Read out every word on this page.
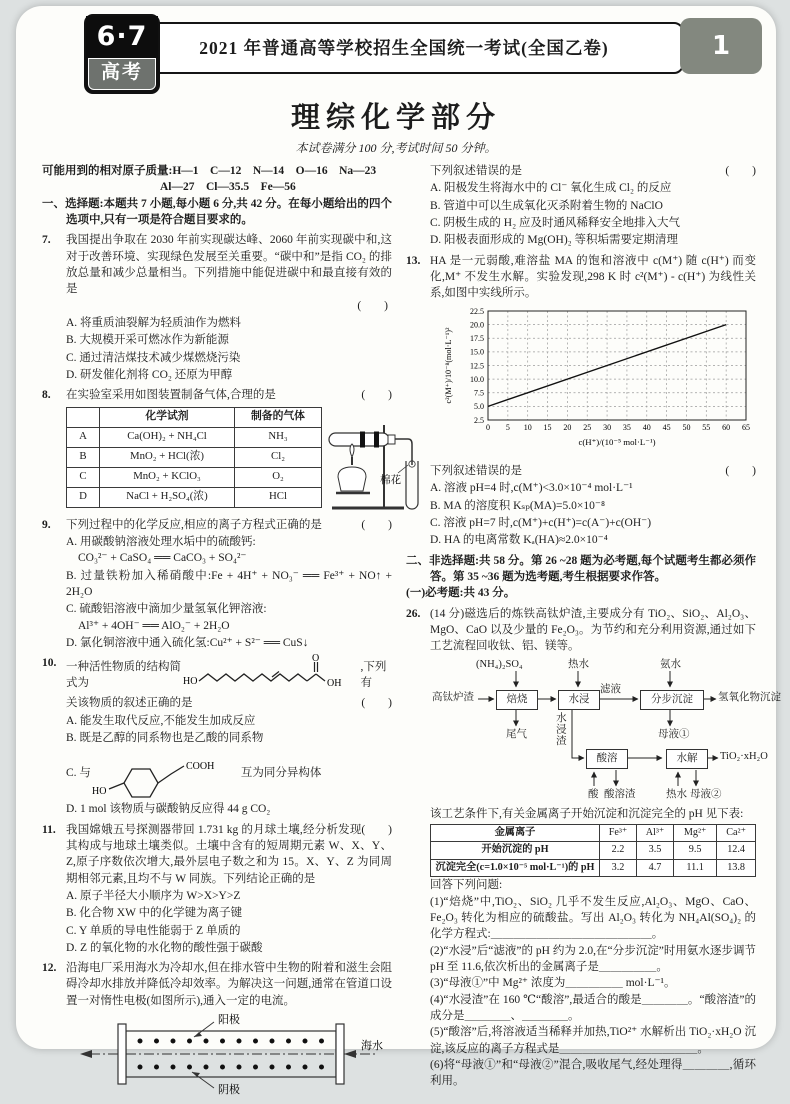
2021 年普通高等学校招生全国统一考试(全国乙卷)
6·7
高考
1
理综化学部分
本试卷满分 100 分,考试时间 50 分钟。

可能用到的相对原子质量:H—1　C—12　N—14　O—16　Na—23

Al—27　Cl—35.5　Fe—56

一、选择题:本题共 7 小题,每小题 6 分,共 42 分。在每小题给出的四个选项中,只有一项是符合题目要求的。

7.	我国提出争取在 2030 年前实现碳达峰、2060 年前实现碳中和,这对于改善环境、实现绿色发展至关重要。“碳中和”是指 CO₂ 的排放总量和减少总量相当。下列措施中能促进碳中和最直接有效的是

(　　)

A. 将重质油裂解为轻质油作为燃料

B. 大规模开采可燃冰作为新能源

C. 通过清洁煤技术减少煤燃烧污染

D. 研发催化剂将 CO₂ 还原为甲醇

8.	在实验室采用如图装置制备气体,合理的是	(　　)
	化学试剂	制备的气体
A	Ca(OH)₂ + NH₄Cl	NH₃
B	MnO₂ + HCl(浓)	Cl₂
C	MnO₂ + KClO₃	O₂
D	NaCl + H₂SO₄(浓)	HCl
棉花
9.	下列过程中的化学反应,相应的离子方程式正确的是	(　　)

A. 用碳酸钠溶液处理水垢中的硫酸钙:

CO₃²⁻ + CaSO₄ ══ CaCO₃ + SO₄²⁻

B. 过量铁粉加入稀硝酸中:Fe + 4H⁺ + NO₃⁻ ══ Fe³⁺ + NO↑ + 2H₂O

C. 硫酸铝溶液中滴加少量氢氧化钾溶液:

Al³⁺ + 4OH⁻ ══ AlO₂⁻ + 2H₂O

D. 氯化铜溶液中通入硫化氢:Cu²⁺ + S²⁻ ══ CuS↓

10. 一种活性物质的结构简式为	HO
O
OH
,下列有
关该物质的叙述正确的是	(　　)

A. 能发生取代反应,不能发生加成反应

B. 既是乙醇的同系物也是乙酸的同系物

C. 与
HO
COOH
互为同分异构体

D. 1 mol 该物质与碳酸钠反应得 44 g CO₂

11.	(　　)
我国嫦娥五号探测器带回 1.731 kg 的月球土壤,经分析发现其构成与地球土壤类似。土壤中含有的短周期元素 W、X、Y、Z,原子序数依次增大,最外层电子数之和为 15。X、Y、Z 为同周期相邻元素,且均不与 W 同族。下列结论正确的是

A. 原子半径大小顺序为 W>X>Y>Z

B. 化合物 XW 中的化学键为离子键

C. Y 单质的导电性能弱于 Z 单质的

D. Z 的氧化物的水化物的酸性强于碳酸

12. 沿海电厂采用海水为冷却水,但在排水管中生物的附着和滋生会阻碍冷却水排放并降低冷却效率。为解决这一问题,通常在管道口设置一对惰性电极(如图所示),通入一定的电流。

阳极
阴极
海水
下列叙述错误的是	(　　)

A. 阳极发生将海水中的 Cl⁻ 氧化生成 Cl₂ 的反应

B. 管道中可以生成氧化灭杀附着生物的 NaClO

C. 阴极生成的 H₂ 应及时通风稀释安全地排入大气

D. 阳极表面形成的 Mg(OH)₂ 等积垢需要定期清理

13. HA 是一元弱酸,难溶盐 MA 的饱和溶液中 c(M⁺) 随 c(H⁺) 而变化,M⁺ 不发生水解。实验发现,298 K 时 c²(M⁺) - c(H⁺) 为线性关系,如图中实线所示。

0 5 10 15 20 25 30 35 40 45 50 55 60 65
2.5
5.0
7.5
10.0
12.5
15.0
17.5
20.0
22.5
c(H⁺)/(10⁻⁵ mol·L⁻¹)
c²(M⁺)/10⁻⁸(mol·L⁻¹)²
下列叙述错误的是	(　　)

A. 溶液 pH=4 时,c(M⁺)<3.0×10⁻⁴ mol·L⁻¹

B. MA 的溶度积 Kₛₚ(MA)=5.0×10⁻⁸

C. 溶液 pH=7 时,c(M⁺)+c(H⁺)=c(A⁻)+c(OH⁻)

D. HA 的电离常数 Kₐ(HA)≈2.0×10⁻⁴

二、非选择题:共 58 分。第 26 ~28 题为必考题,每个试题考生都必须作答。第 35 ~36 题为选考题,考生根据要求作答。

(一)必考题:共 43 分。

26. (14 分)磁选后的炼铁高钛炉渣,主要成分有 TiO₂、SiO₂、Al₂O₃、MgO、CaO 以及少量的 Fe₂O₃。为节约和充分利用资源,通过如下工艺流程回收钛、铝、镁等。

(NH₄)₂SO₄	热水	氨水
高钛炉渣	焙烧	水浸
滤液
分步沉淀	氢氧化物沉淀
尾气	母液①
水浸渣
酸溶	水解	TiO₂·xH₂O
酸 酸溶渣	热水 母液②

该工艺条件下,有关金属离子开始沉淀和沉淀完全的 pH 见下表:

金属离子	Fe³⁺	Al³⁺	Mg²⁺	Ca²⁺
开始沉淀的 pH	2.2	3.5	9.5	12.4
沉淀完全(c=1.0×10⁻⁵ mol·L⁻¹)的 pH	3.2	4.7	11.1	13.8

回答下列问题:

(1)“焙烧”中,TiO₂、SiO₂ 几乎不发生反应,Al₂O₃、MgO、CaO、Fe₂O₃ 转化为相应的硫酸盐。写出 Al₂O₃ 转化为 NH₄Al(SO₄)₂ 的化学方程式:＿＿＿＿＿＿＿＿＿＿＿＿＿＿。

(2)“水浸”后“滤液”的 pH 约为 2.0,在“分步沉淀”时用氨水逐步调节 pH 至 11.6,依次析出的金属离子是＿＿＿＿＿。

(3)“母液①”中 Mg²⁺ 浓度为＿＿＿＿＿ mol·L⁻¹。

(4)“水浸渣”在 160 ℃“酸溶”,最适合的酸是＿＿＿＿。“酸溶渣”的成分是＿＿＿＿、＿＿＿＿。

(5)“酸溶”后,将溶液适当稀释并加热,TiO²⁺ 水解析出 TiO₂·xH₂O 沉淀,该反应的离子方程式是＿＿＿＿＿＿＿＿＿＿＿＿。

(6)将“母液①”和“母液②”混合,吸收尾气,经处理得＿＿＿＿,循环利用。
